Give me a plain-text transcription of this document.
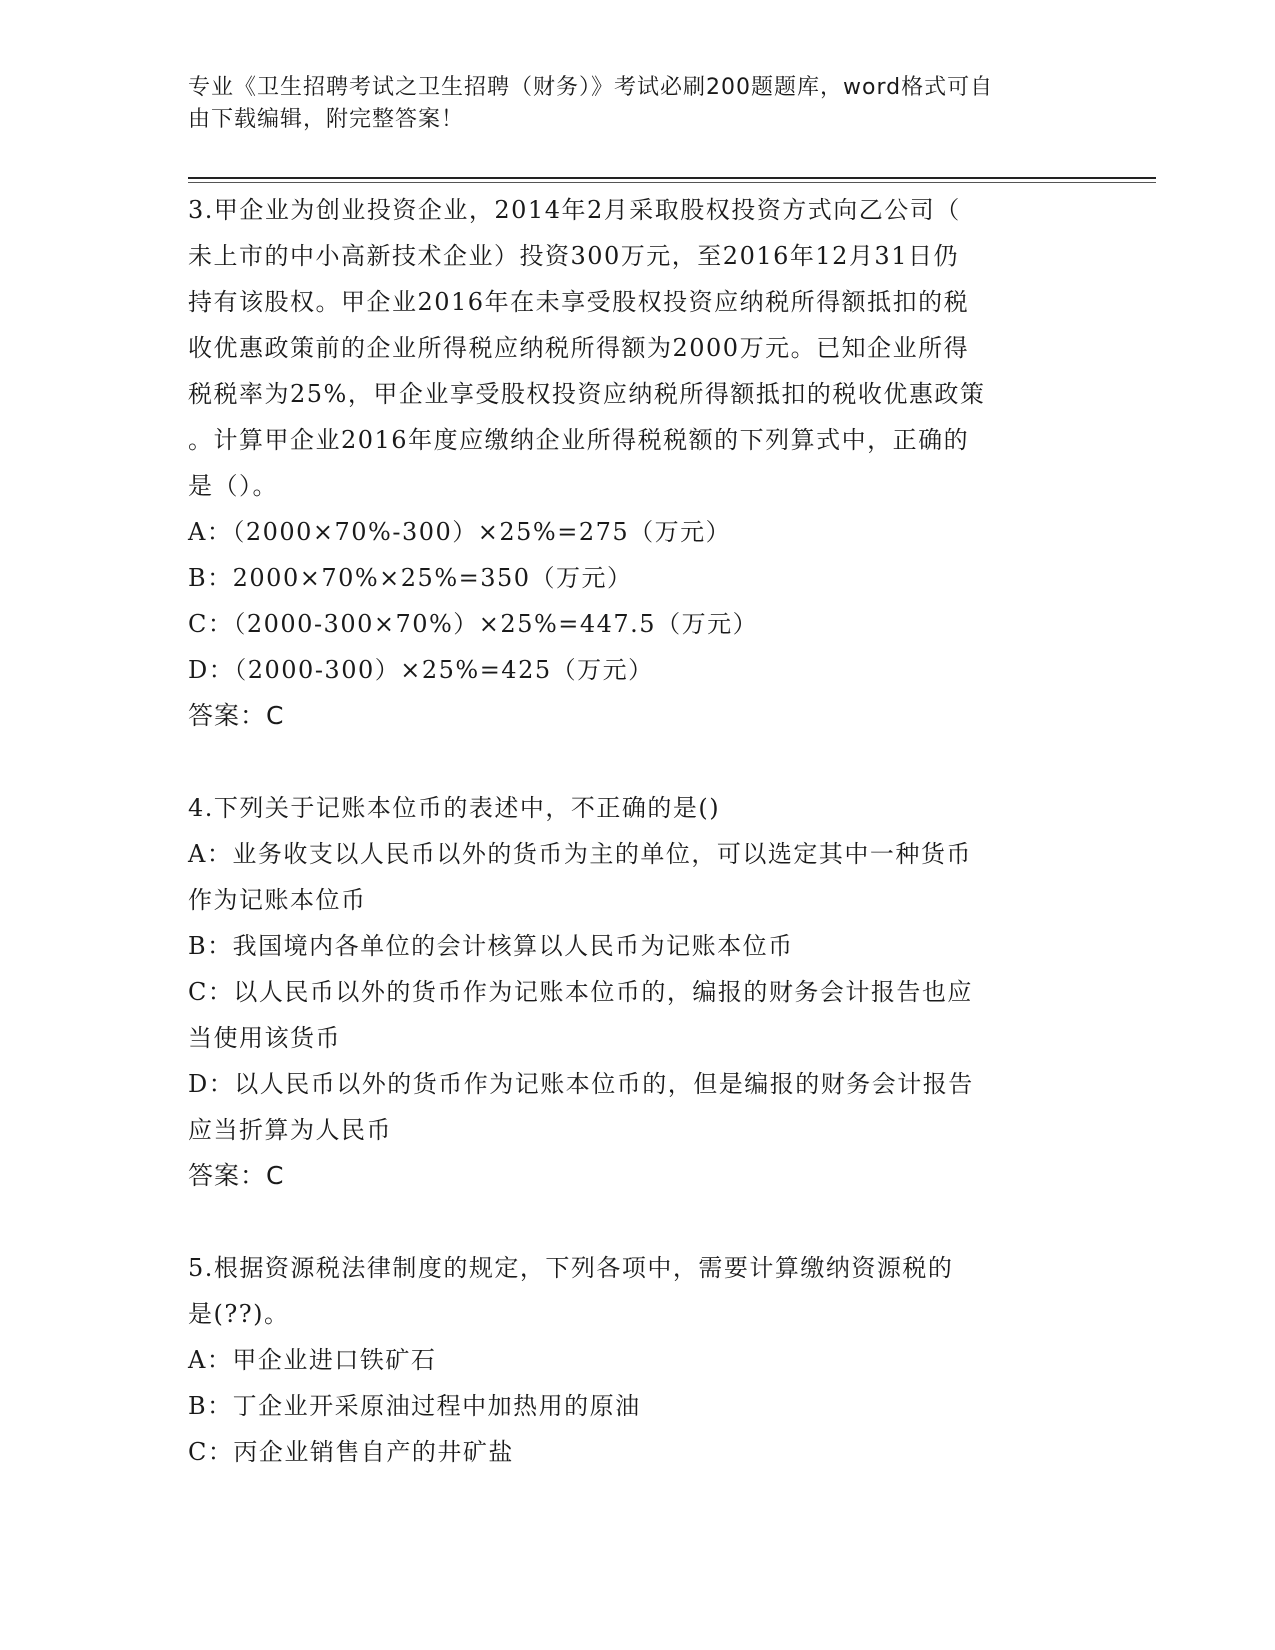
专业《卫生招聘考试之卫生招聘（财务）》考试必刷200题题库，word格式可自
由下载编辑，附完整答案！
3.甲企业为创业投资企业，2014年2月采取股权投资方式向乙公司（
未上市的中小高新技术企业）投资300万元，至2016年12月31日仍
持有该股权。甲企业2016年在未享受股权投资应纳税所得额抵扣的税
收优惠政策前的企业所得税应纳税所得额为2000万元。已知企业所得
税税率为25%，甲企业享受股权投资应纳税所得额抵扣的税收优惠政策
。计算甲企业2016年度应缴纳企业所得税税额的下列算式中，正确的
是（）。
A：（2000×70%-300）×25%=275（万元）
B：2000×70%×25%=350（万元）
C：（2000-300×70%）×25%=447.5（万元）
D：（2000-300）×25%=425（万元）
答案：C
4.下列关于记账本位币的表述中，不正确的是()
A：业务收支以人民币以外的货币为主的单位，可以选定其中一种货币
作为记账本位币
B：我国境内各单位的会计核算以人民币为记账本位币
C：以人民币以外的货币作为记账本位币的，编报的财务会计报告也应
当使用该货币
D：以人民币以外的货币作为记账本位币的，但是编报的财务会计报告
应当折算为人民币
答案：C
5.根据资源税法律制度的规定，下列各项中，需要计算缴纳资源税的
是(??)。
A：甲企业进口铁矿石
B：丁企业开采原油过程中加热用的原油
C：丙企业销售自产的井矿盐
